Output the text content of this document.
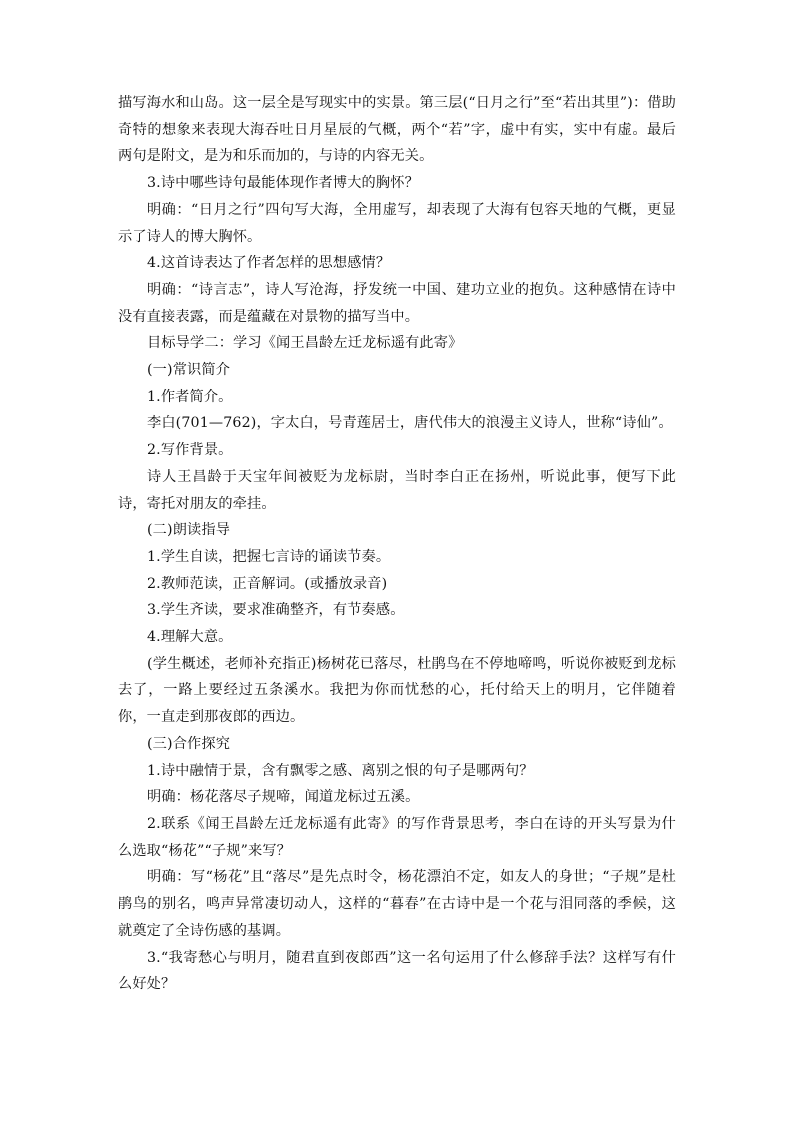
描写海水和山岛。这一层全是写现实中的实景。第三层(“日月之行”至“若出其里”)：借助奇特的想象来表现大海吞吐日月星辰的气概，两个“若”字，虚中有实，实中有虚。最后两句是附文，是为和乐而加的，与诗的内容无关。

3.诗中哪些诗句最能体现作者博大的胸怀？

明确：“日月之行”四句写大海，全用虚写，却表现了大海有包容天地的气概，更显示了诗人的博大胸怀。

4.这首诗表达了作者怎样的思想感情？

明确：“诗言志”，诗人写沧海，抒发统一中国、建功立业的抱负。这种感情在诗中没有直接表露，而是蕴藏在对景物的描写当中。

目标导学二：学习《闻王昌龄左迁龙标遥有此寄》

(一)常识简介

1.作者简介。

李白(701—762)，字太白，号青莲居士，唐代伟大的浪漫主义诗人，世称“诗仙”。

2.写作背景。

诗人王昌龄于天宝年间被贬为龙标尉，当时李白正在扬州，听说此事，便写下此诗，寄托对朋友的牵挂。

(二)朗读指导

1.学生自读，把握七言诗的诵读节奏。

2.教师范读，正音解词。(或播放录音)

3.学生齐读，要求准确整齐，有节奏感。

4.理解大意。

(学生概述，老师补充指正)杨树花已落尽，杜鹃鸟在不停地啼鸣，听说你被贬到龙标去了，一路上要经过五条溪水。我把为你而忧愁的心，托付给天上的明月，它伴随着你，一直走到那夜郎的西边。

(三)合作探究

1.诗中融情于景，含有飘零之感、离别之恨的句子是哪两句？

明确：杨花落尽子规啼，闻道龙标过五溪。

2.联系《闻王昌龄左迁龙标遥有此寄》的写作背景思考，李白在诗的开头写景为什么选取“杨花”“子规”来写？

明确：写“杨花”且“落尽”是先点时令，杨花漂泊不定，如友人的身世；“子规”是杜鹃鸟的别名，鸣声异常凄切动人，这样的“暮春”在古诗中是一个花与泪同落的季候，这就奠定了全诗伤感的基调。

3.“我寄愁心与明月，随君直到夜郎西”这一名句运用了什么修辞手法？这样写有什么好处？
